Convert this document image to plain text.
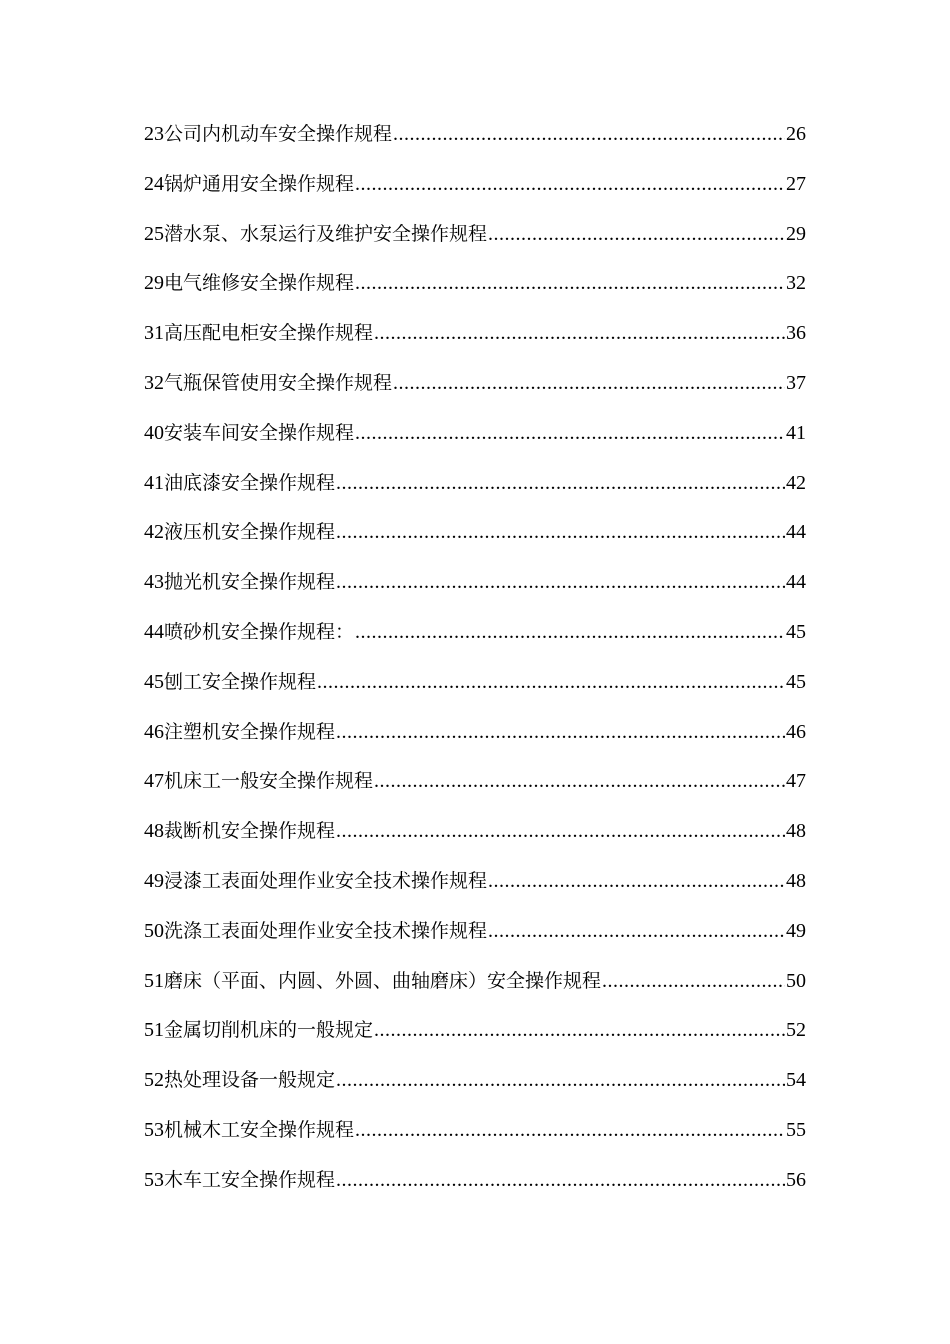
23公司内机动车安全操作规程 .....	26
24锅炉通用安全操作规程 .....	27
25潜水泵、水泵运行及维护安全操作规程 .....	29
29电气维修安全操作规程 .....	32
31高压配电柜安全操作规程 .....	36
32气瓶保管使用安全操作规程 .....	37
40安装车间安全操作规程 .....	41
41油底漆安全操作规程 .....	42
42液压机安全操作规程 .....	44
43抛光机安全操作规程 .....	44
44喷砂机安全操作规程： .....	45
45刨工安全操作规程 .....	45
46注塑机安全操作规程 .....	46
47机床工一般安全操作规程 .....	47
48裁断机安全操作规程 .....	48
49浸漆工表面处理作业安全技术操作规程 .....	48
50洗涤工表面处理作业安全技术操作规程 .....	49
51磨床（平面、内圆、外圆、曲轴磨床）安全操作规程 .....	50
51金属切削机床的一般规定 .....	52
52热处理设备一般规定 .....	54
53机械木工安全操作规程 .....	55
53木车工安全操作规程 .....	56
